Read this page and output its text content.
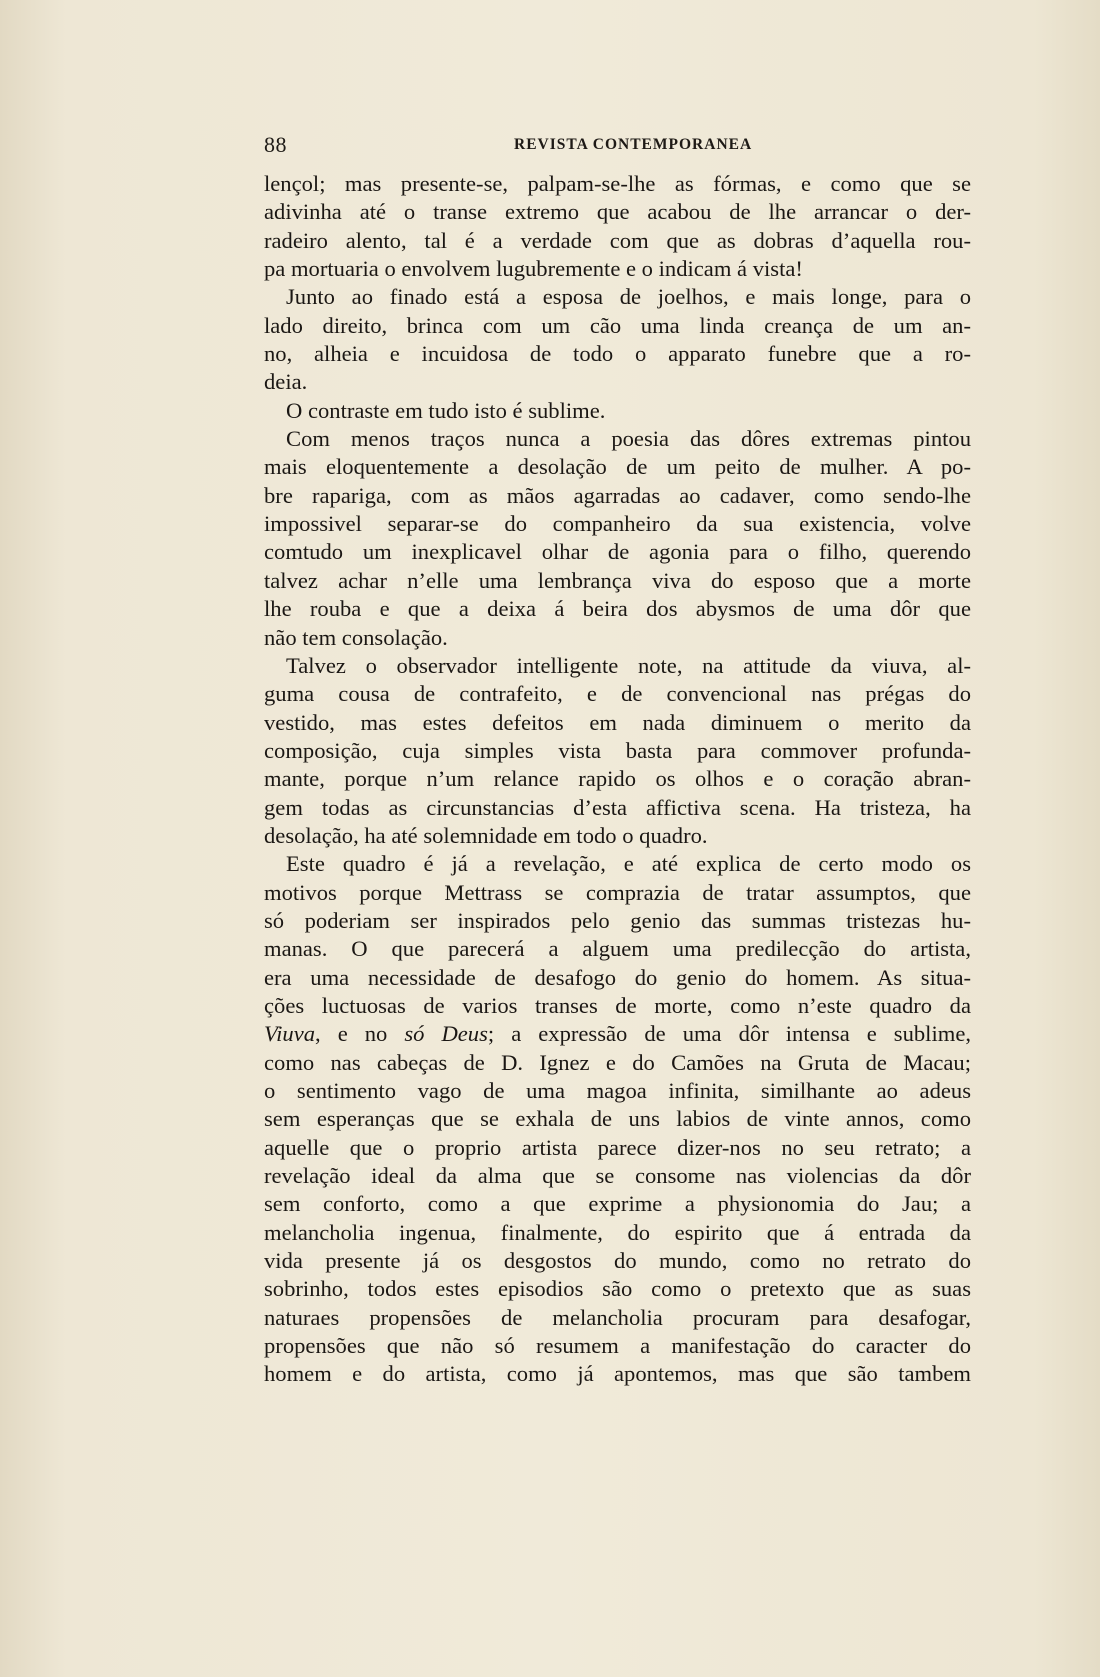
88	REVISTA CONTEMPORANEA
lençol; mas presente-se, palpam-se-lhe as fórmas, e como que se
adivinha até o transe extremo que acabou de lhe arrancar o der-
radeiro alento, tal é a verdade com que as dobras d’aquella rou-
pa mortuaria o envolvem lugubremente e o indicam á vista!
Junto ao finado está a esposa de joelhos, e mais longe, para o
lado direito, brinca com um cão uma linda creança de um an-
no, alheia e incuidosa de todo o apparato funebre que a ro-
deia.
O contraste em tudo isto é sublime.
Com menos traços nunca a poesia das dôres extremas pintou
mais eloquentemente a desolação de um peito de mulher. A po-
bre rapariga, com as mãos agarradas ao cadaver, como sendo-lhe
impossivel separar-se do companheiro da sua existencia, volve
comtudo um inexplicavel olhar de agonia para o filho, querendo
talvez achar n’elle uma lembrança viva do esposo que a morte
lhe rouba e que a deixa á beira dos abysmos de uma dôr que
não tem consolação.
Talvez o observador intelligente note, na attitude da viuva, al-
guma cousa de contrafeito, e de convencional nas prégas do
vestido, mas estes defeitos em nada diminuem o merito da
composição, cuja simples vista basta para commover profunda-
mante, porque n’um relance rapido os olhos e o coração abran-
gem todas as circunstancias d’esta affictiva scena. Ha tristeza, ha
desolação, ha até solemnidade em todo o quadro.
Este quadro é já a revelação, e até explica de certo modo os
motivos porque Mettrass se comprazia de tratar assumptos, que
só poderiam ser inspirados pelo genio das summas tristezas hu-
manas. O que parecerá a alguem uma predilecção do artista,
era uma necessidade de desafogo do genio do homem. As situa-
ções luctuosas de varios transes de morte, como n’este quadro da
Viuva, e no só Deus; a expressão de uma dôr intensa e sublime,
como nas cabeças de D. Ignez e do Camões na Gruta de Macau;
o sentimento vago de uma magoa infinita, similhante ao adeus
sem esperanças que se exhala de uns labios de vinte annos, como
aquelle que o proprio artista parece dizer-nos no seu retrato; a
revelação ideal da alma que se consome nas violencias da dôr
sem conforto, como a que exprime a physionomia do Jau; a
melancholia ingenua, finalmente, do espirito que á entrada da
vida presente já os desgostos do mundo, como no retrato do
sobrinho, todos estes episodios são como o pretexto que as suas
naturaes propensões de melancholia procuram para desafogar,
propensões que não só resumem a manifestação do caracter do
homem e do artista, como já apontemos, mas que são tambem
